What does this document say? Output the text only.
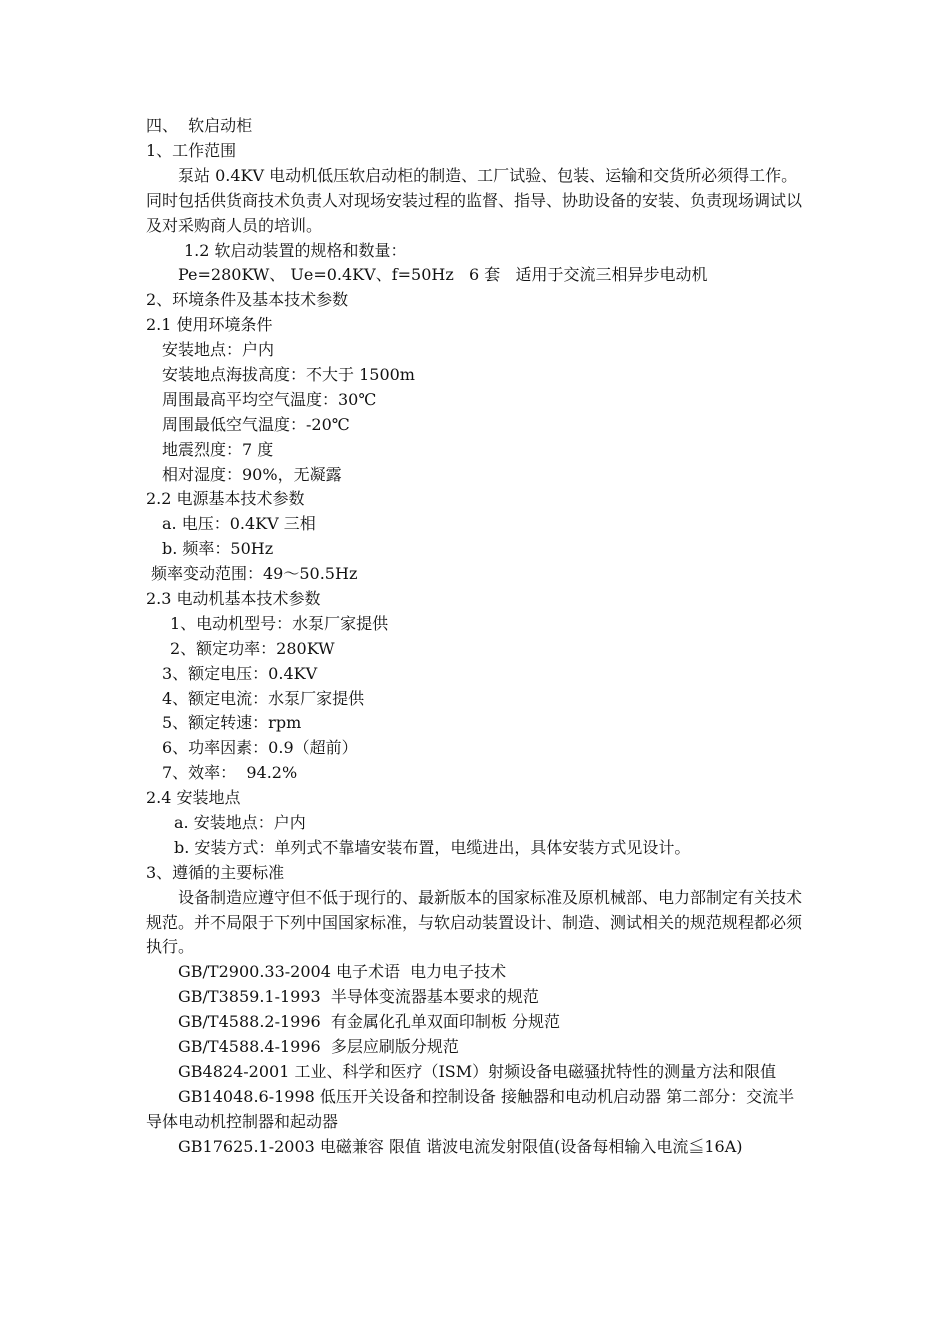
四、  软启动柜
1、工作范围
泵站 0.4KV 电动机低压软启动柜的制造、工厂试验、包装、运输和交货所必须得工作。同时包括供货商技术负责人对现场安装过程的监督、指导、协助设备的安装、负责现场调试以及对采购商人员的培训。
1.2 软启动装置的规格和数量：
Pe=280KW、 Ue=0.4KV、f=50Hz   6 套   适用于交流三相异步电动机
2、环境条件及基本技术参数
2.1 使用环境条件
安装地点：户内
安装地点海拔高度：不大于 1500m
周围最高平均空气温度：30℃
周围最低空气温度：-20℃
地震烈度：7 度
相对湿度：90%，无凝露
2.2 电源基本技术参数
a. 电压：0.4KV 三相
b. 频率：50Hz
频率变动范围：49～50.5Hz
2.3 电动机基本技术参数
1、电动机型号：水泵厂家提供
2、额定功率：280KW
3、额定电压：0.4KV
4、额定电流：水泵厂家提供
5、额定转速：rpm
6、功率因素：0.9（超前）
7、效率：  94.2%
2.4 安装地点
a. 安装地点：户内
b. 安装方式：单列式不靠墙安装布置，电缆进出，具体安装方式见设计。
3、遵循的主要标准
设备制造应遵守但不低于现行的、最新版本的国家标准及原机械部、电力部制定有关技术规范。并不局限于下列中国国家标准，与软启动装置设计、制造、测试相关的规范规程都必须执行。
GB/T2900.33-2004 电子术语  电力电子技术
GB/T3859.1-1993  半导体变流器基本要求的规范
GB/T4588.2-1996  有金属化孔单双面印制板 分规范
GB/T4588.4-1996  多层应刷版分规范
GB4824-2001 工业、科学和医疗（ISM）射频设备电磁骚扰特性的测量方法和限值
GB14048.6-1998 低压开关设备和控制设备 接触器和电动机启动器 第二部分：交流半导体电动机控制器和起动器
GB17625.1-2003 电磁兼容 限值 谐波电流发射限值(设备每相输入电流≦16A)
